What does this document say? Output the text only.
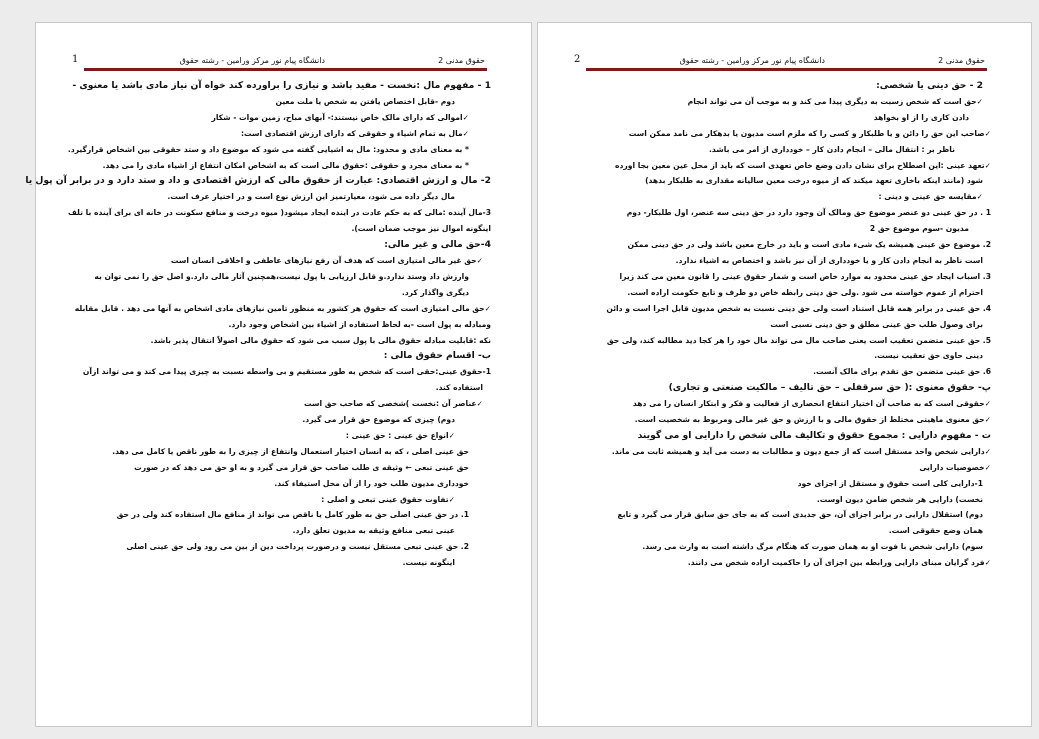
حقوق مدنی 2
دانشگاه پیام نور مرکز ورامین - رشته حقوق
2
2 - حق دینی یا شخصی:
✓ حق است که شخص زسبت به دیگری پیدا می کند و به موجب آن می تواند انجام
دادن کاری را از او بخواهد
✓ صاحب این حق را دائن و یا طلبکار و کسی را که ملزم است مدیون یا بدهکار می نامد ممکن است
ناظر بر : انتقال مالی – انجام دادن کار – خودداری از امر می باشد.
✓ تعهد عینی :این اصطلاح برای نشان دادن وضع خاص تعهدی است که باید از محل عین معین بجا اورده
شود (مانند اینکه باخاری تعهد میکند که از میوه درخت معین سالیانه مقداری به طلبکار بدهد)
✓ مقایسه حق عینی و دینی :
1 . در حق عینی دو عنصر موضوع حق ومالک آن وجود دارد در حق دینی سه عنصر، اول طلبکار- دوم
مدیون -سوم موضوع حق 2
2. موضوع حق عینی همیشه یک شیء مادی است و باید در خارج معین باشد ولی در حق دینی ممکن
است ناظر به انجام دادن کار و یا خودداری از آن نیز باشد و اختصاص به اشیاء ندارد.
3. اسباب ایجاد حق عینی محدود به موارد خاص است و شمار حقوق عینی را قانون معین می کند زیرا
احترام از عموم خواسته می شود .ولی حق دینی رابطه خاص دو طرف و تابع حکومت اراده است.
4. حق عینی در برابر همه قابل استناد است ولی حق دینی نسبت به شخص مدیون قابل اجرا است و دائن
برای وصول طلب حق عینی مطلق و حق دینی نسبی است
5. حق عینی متضمن تعقیب است یعنی صاحب مال می تواند مال خود را هر کجا دید مطالبه کند، ولی حق
دینی حاوی حق تعقیب نیست.
6. حق عینی متضمن حق تقدم برای مالک آنست.
پ- حقوق معنوی :( حق سرقفلی – حق تالیف – مالکیت صنعتی و تجاری)
✓ حقوقی است که به صاحب آن اختیار انتفاع انحصاری از فعالیت و فکر و ابتکار انسان را می دهد
✓ حق معنوی ماهیتی مختلط از حقوق مالی و با ارزش و حق غیر مالی ومربوط به شخصیت است.
ت - مفهوم دارایی : مجموع حقوق و تکالیف مالی شخص را دارایی او می گویند
✓ دارایی شخص واحد مستقل است که از جمع دیون و مطالبات به دست می آید و همیشه ثابت می ماند.
✓ خصوصیات دارایی
1-دارایی کلی است حقوق و مستقل از اجزای خود
نخست) دارایی هر شخص ضامن دیون اوست.
دوم) استقلال دارایی در برابر اجزای آن، حق جدیدی است که به جای حق سابق قرار می گیرد و تابع
همان وضع حقوقی است.
سوم) دارایی شخص با فوت او به همان صورت که هنگام مرگ داشته است به وارث می رسد.
✓ فرد گرایان مبنای دارایی ورابطه بین اجزای آن را حاکمیت اراده شخص می دانند.
حقوق مدنی 2
دانشگاه پیام نور مرکز ورامین - رشته حقوق
1
1 - مفهوم مال :نخست - مفید باشد و نیازی را براورده کند خواه آن نیاز مادی باشد یا معنوی -
دوم -قابل اختصاص یافتن به شخص یا ملت معین
✓ اموالی که دارای مالک خاص نیستند:- آبهای مباح، زمین موات - شکار
✓ مال به تمام اشیاء و حقوقی که دارای ارزش اقتصادی است:
* به معنای مادی و محدود: مال به اشیایی گفته می شود که موضوع داد و ستد حقوقی بین اشخاص قرارگیرد.
* به معنای مجرد و حقوقی :حقوق مالی است که به اشخاص امکان انتفاع از اشیاء مادی را می دهد.
2- مال و ارزش اقتصادی: عبارت از حقوق مالی که ارزش اقتصادی و داد و ستد دارد و در برابر آن پول یا
مال دیگر داده می شود، معیارتمیز این ارزش نوع است و در اختیار عرف است.
3-مال آینده :مالی که به حکم عادت در اینده ایجاد میشود( میوه درخت و منافع سکونت در خانه ای برای آینده با تلف
اینگونه اموال نیز موجب ضمان است).
4-حق مالی و غیر مالی:
✓ حق غیر مالی امتیازی است که هدف آن رفع نیازهای عاطفی و اخلاقی انسان است
وارزش داد وستد ندارد.و قابل ارزیابی با پول نیست،همچنین آثار مالی دارد.و اصل حق را نمی توان به
دیگری واگذار کرد.
✓ حق مالی امتیازی است که حقوق هر کشور به منظور تامین نیازهای مادی اشخاص به آنها می دهد . قابل مقابله
ومبادله به پول است -به لحاظ استفاده از اشیاء بین اشخاص وجود دارد.
نکه :قابلیت مبادله حقوق مالی با پول سبب می شود که حقوق مالی اصولاً انتقال پذیر باشد.
ب- اقسام حقوق مالی :
1-حقوق عینی:حقی است که شخص به طور مستقیم و بی واسطه نسبت به چیزی پیدا می کند و می تواند ازآن
استفاده کند.
✓ عناصر آن :نخست )شخصی که صاحب حق است
دوم) چیزی که موضوع حق قرار می گیرد.
✓ انواع حق عینی : حق عینی :
حق عینی اصلی ، که به انسان اختیار استعمال وانتفاع از چیزی را به طور ناقص یا کامل می دهد.
حق عینی تبعی ← وثیقه ی طلب صاحب حق قرار می گیرد و به او حق می دهد که در صورت
خودداری مدیون طلب خود را از آن محل استیفاء کند.
✓ تفاوت حقوق عینی تبعی و اصلی :
1. در حق عینی اصلی حق به طور کامل یا ناقص می تواند از منافع مال استفاده کند ولی در حق
عینی تبعی منافع وثیقه به مدیون تعلق دارد.
2. حق عینی تبعی مستقل نیست و درصورت پرداخت دین از بین می رود ولی حق عینی اصلی
اینگونه نیست.
